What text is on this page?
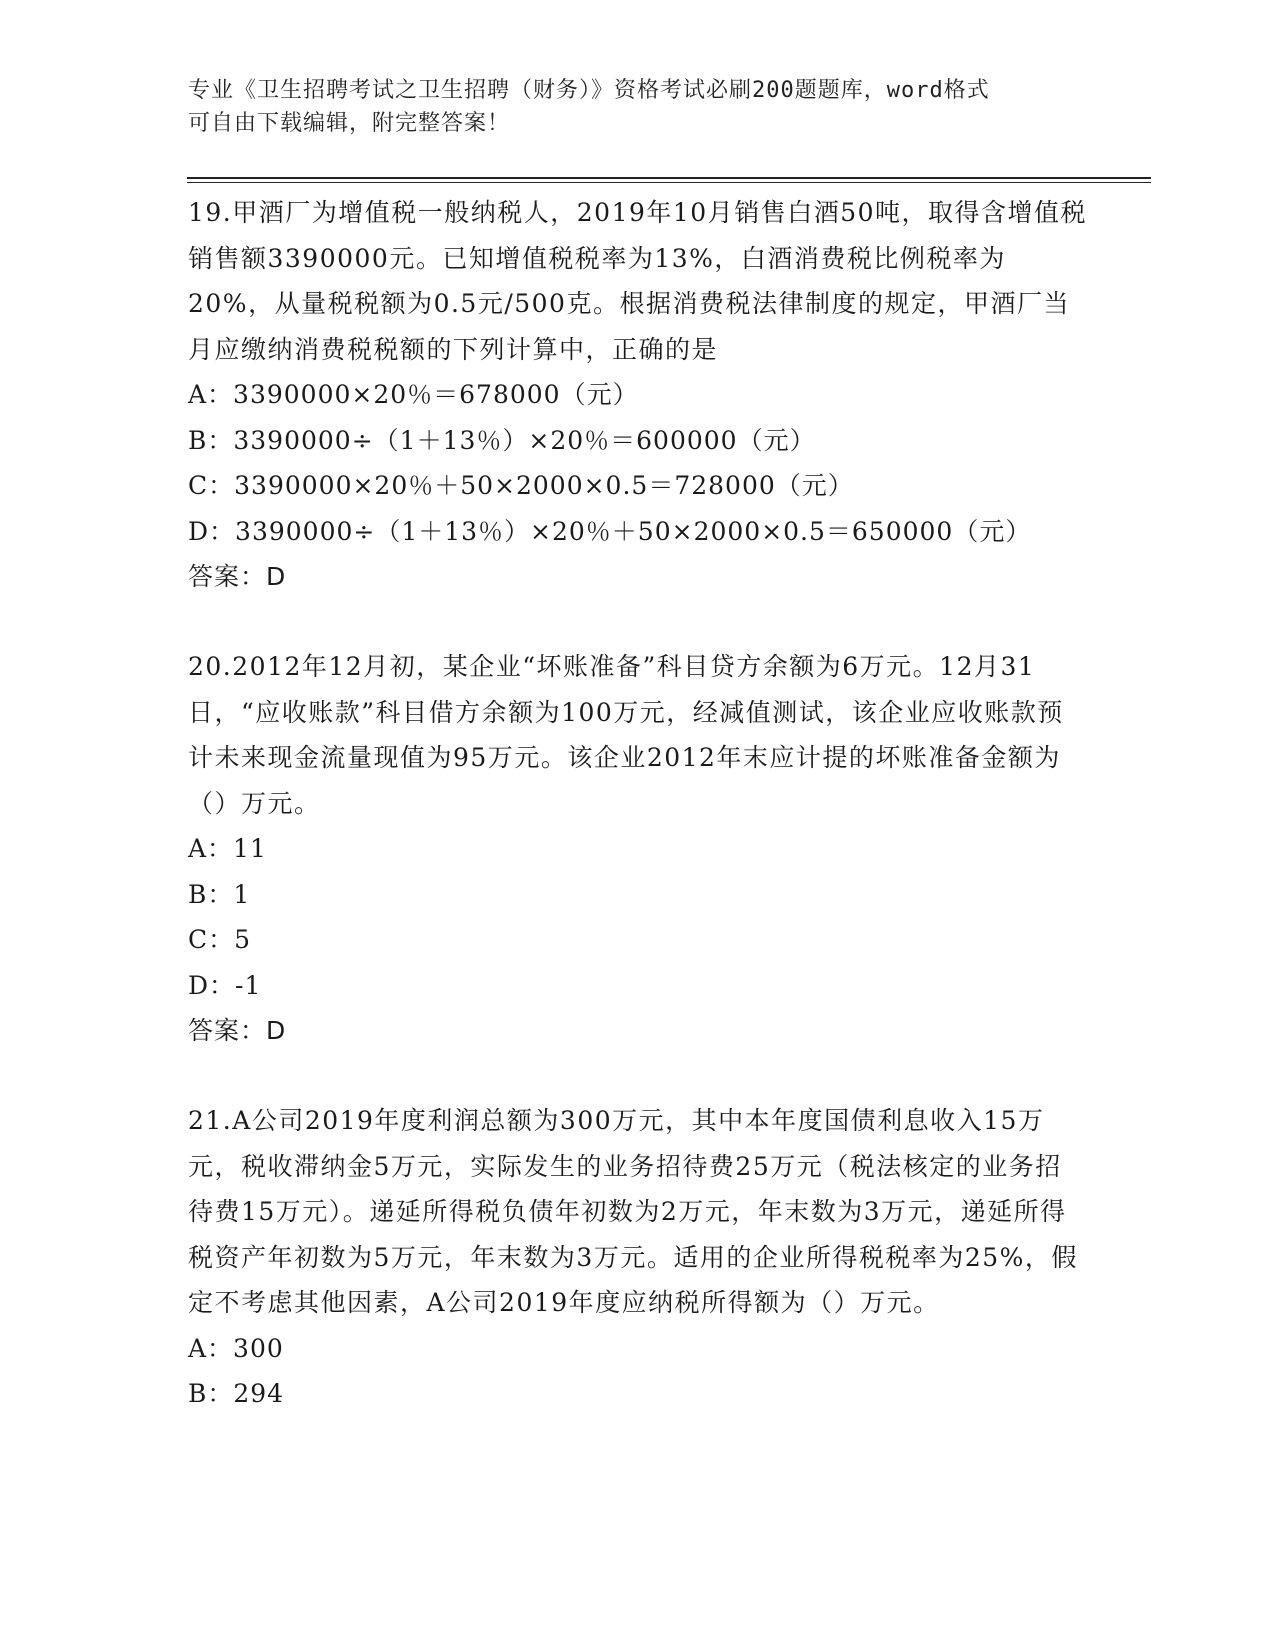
专业《卫生招聘考试之卫生招聘（财务）》资格考试必刷200题题库，word格式
可自由下载编辑，附完整答案！

19.甲酒厂为增值税一般纳税人，2019年10月销售白酒50吨，取得含增值税销售额3390000元。已知增值税税率为13%，白酒消费税比例税率为20%，从量税税额为0.5元/500克。根据消费税法律制度的规定，甲酒厂当月应缴纳消费税税额的下列计算中，正确的是

A：3390000×20％＝678000（元）

B：3390000÷（1＋13％）×20％＝600000（元）

C：3390000×20％＋50×2000×0.5＝728000（元）

D：3390000÷（1＋13％）×20％＋50×2000×0.5＝650000（元）

答案：D

20.2012年12月初，某企业“坏账准备”科目贷方余额为6万元。12月31日，“应收账款”科目借方余额为100万元，经减值测试，该企业应收账款预计未来现金流量现值为95万元。该企业2012年末应计提的坏账准备金额为（）万元。

A：11

B：1

C：5

D：-1

答案：D

21.A公司2019年度利润总额为300万元，其中本年度国债利息收入15万元，税收滞纳金5万元，实际发生的业务招待费25万元（税法核定的业务招待费15万元）。递延所得税负债年初数为2万元，年末数为3万元，递延所得税资产年初数为5万元，年末数为3万元。适用的企业所得税税率为25%，假定不考虑其他因素，A公司2019年度应纳税所得额为（）万元。

A：300

B：294
